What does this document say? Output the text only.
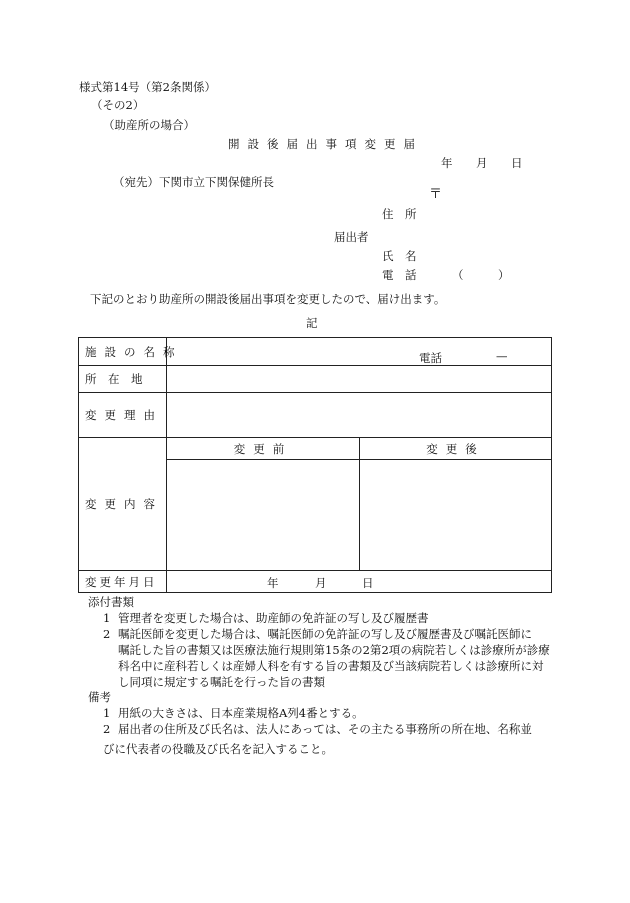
様式第14号（第2条関係）
（その2）
（助産所の場合）
開設後届出事項変更届
年 月 日
（宛先）下関市立下関保健所長
〒
住　所
届出者
氏　名
電　話	（　　　）
下記のとおり助産所の開設後届出事項を変更したので、届け出ます。
記
施設の名称	電話 —	

所　在　地		
変更理由		
変更内容	変更前	変更後

変更年月日	年 月 日	
添付書類
1 管理者を変更した場合は、助産師の免許証の写し及び履歴書
2 嘱託医師を変更した場合は、嘱託医師の免許証の写し及び履歴書及び嘱託医師に
嘱託した旨の書類又は医療法施行規則第15条の2第2項の病院若しくは診療所が診療
科名中に産科若しくは産婦人科を有する旨の書類及び当該病院若しくは診療所に対
し同項に規定する嘱託を行った旨の書類
備考
1 用紙の大きさは、日本産業規格A列4番とする。
2 届出者の住所及び氏名は、法人にあっては、その主たる事務所の所在地、名称並
びに代表者の役職及び氏名を記入すること。
